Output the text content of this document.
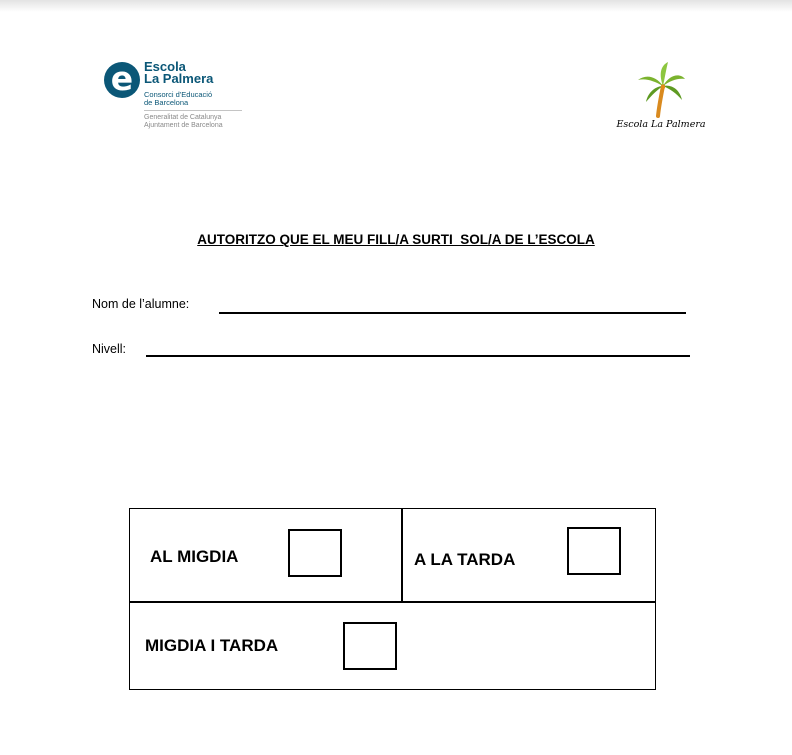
e Escola
La Palmera
Consorci d'Educació
de Barcelona
Generalitat de Catalunya
Ajuntament de Barcelona	Escola La Palmera
AUTORITZO QUE EL MEU FILL/A SURTI  SOL/A DE L’ESCOLA
Nom de l’alumne:
Nivell:
AL MIGDIA	A LA TARDA
MIGDIA I TARDA
